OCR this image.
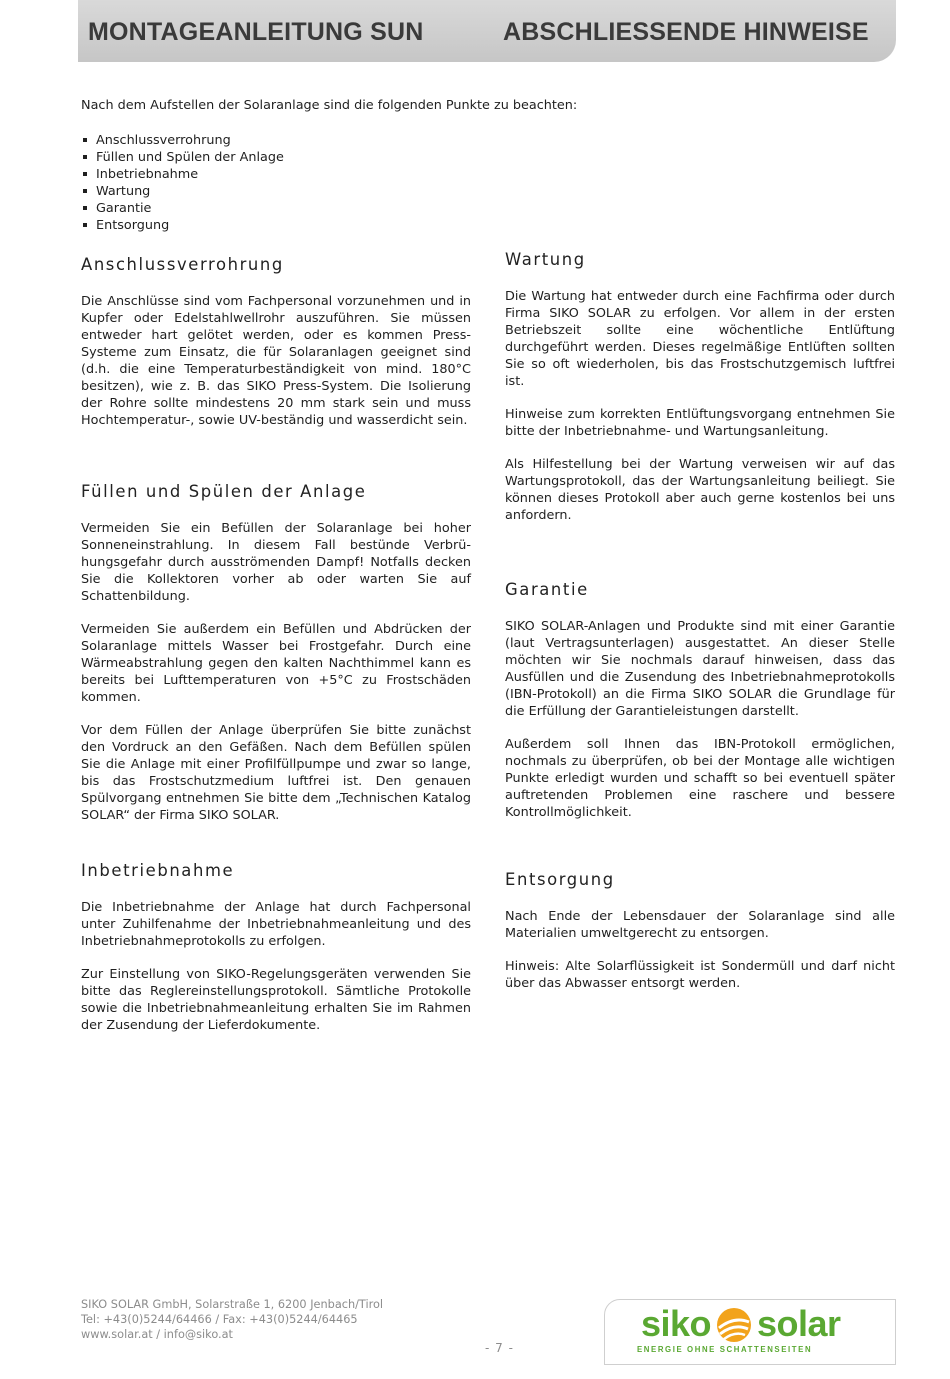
MONTAGEANLEITUNG SUN	ABSCHLIESSENDE HINWEISE
Nach dem Aufstellen der Solaranlage sind die folgenden Punkte zu beachten:
Anschlussverrohrung
Füllen und Spülen der Anlage
Inbetriebnahme
Wartung
Garantie
Entsorgung
Anschlussverrohrung

Die Anschlüsse sind vom Fachpersonal vorzunehmen und in Kupfer oder Edelstahlwellrohr auszuführen. Sie müssen entweder hart gelötet werden, oder es kommen Press-Systeme zum Einsatz, die für Solaranlagen geeignet sind (d.h. die eine Temperaturbeständigkeit von mind. 180°C besitzen), wie z. B. das SIKO Press-System. Die Isolierung der Rohre sollte mindestens 20 mm stark sein und muss Hochtemperatur-, sowie UV-beständig und wasserdicht sein.

Füllen und Spülen der Anlage

Vermeiden Sie ein Befüllen der Solaranlage bei hoher Sonneneinstrahlung. In diesem Fall bestünde Verbrühungsgefahr durch ausströmenden Dampf! Notfalls decken Sie die Kollektoren vorher ab oder warten Sie auf Schattenbildung.

Vermeiden Sie außerdem ein Befüllen und Abdrücken der Solaranlage mittels Wasser bei Frostgefahr. Durch eine Wärmeabstrahlung gegen den kalten Nachthimmel kann es bereits bei Lufttemperaturen von +5°C zu Frostschäden kommen.

Vor dem Füllen der Anlage überprüfen Sie bitte zunächst den Vordruck an den Gefäßen. Nach dem Befüllen spülen Sie die Anlage mit einer Profilfüllpumpe und zwar so lange, bis das Frostschutzmedium luftfrei ist. Den genauen Spülvorgang entnehmen Sie bitte dem „Technischen Katalog SOLAR“ der Firma SIKO SOLAR.

Inbetriebnahme

Die Inbetriebnahme der Anlage hat durch Fachpersonal unter Zuhilfenahme der Inbetriebnahmeanleitung und des Inbetriebnahmeprotokolls zu erfolgen.

Zur Einstellung von SIKO-Regelungsgeräten verwenden Sie bitte das Reglereinstellungsprotokoll. Sämtliche Protokolle sowie die Inbetriebnahmeanleitung erhalten Sie im Rahmen der Zusendung der Lieferdokumente.

Wartung

Die Wartung hat entweder durch eine Fachfirma oder durch Firma SIKO SOLAR zu erfolgen. Vor allem in der ersten Betriebszeit sollte eine wöchentliche Entlüftung durchgeführt werden. Dieses regelmäßige Entlüften sollten Sie so oft wiederholen, bis das Frostschutzgemisch luftfrei ist.

Hinweise zum korrekten Entlüftungsvorgang entnehmen Sie bitte der Inbetriebnahme- und Wartungsanleitung.

Als Hilfestellung bei der Wartung verweisen wir auf das Wartungsprotokoll, das der Wartungsanleitung beiliegt. Sie können dieses Protokoll aber auch gerne kostenlos bei uns anfordern.

Garantie

SIKO SOLAR-Anlagen und Produkte sind mit einer Garantie (laut Vertragsunterlagen) ausgestattet. An dieser Stelle möchten wir Sie nochmals darauf hinweisen, dass das Ausfüllen und die Zusendung des Inbetriebnahmeprotokolls (IBN-Protokoll) an die Firma SIKO SOLAR die Grundlage für die Erfüllung der Garantieleistungen darstellt.

Außerdem soll Ihnen das IBN-Protokoll ermöglichen, nochmals zu überprüfen, ob bei der Montage alle wichtigen Punkte erledigt wurden und schafft so bei eventuell später auftretenden Problemen eine raschere und bessere Kontrollmöglichkeit.

Entsorgung

Nach Ende der Lebensdauer der Solaranlage sind alle Materialien umweltgerecht zu entsorgen.

Hinweis: Alte Solarflüssigkeit ist Sondermüll und darf nicht über das Abwasser entsorgt werden.

SIKO SOLAR GmbH, Solarstraße 1, 6200 Jenbach/Tirol
Tel: +43(0)5244/64466 / Fax: +43(0)5244/64465
www.solar.at / info@siko.at
- 7 -
siko solar
ENERGIE OHNE SCHATTENSEITEN
